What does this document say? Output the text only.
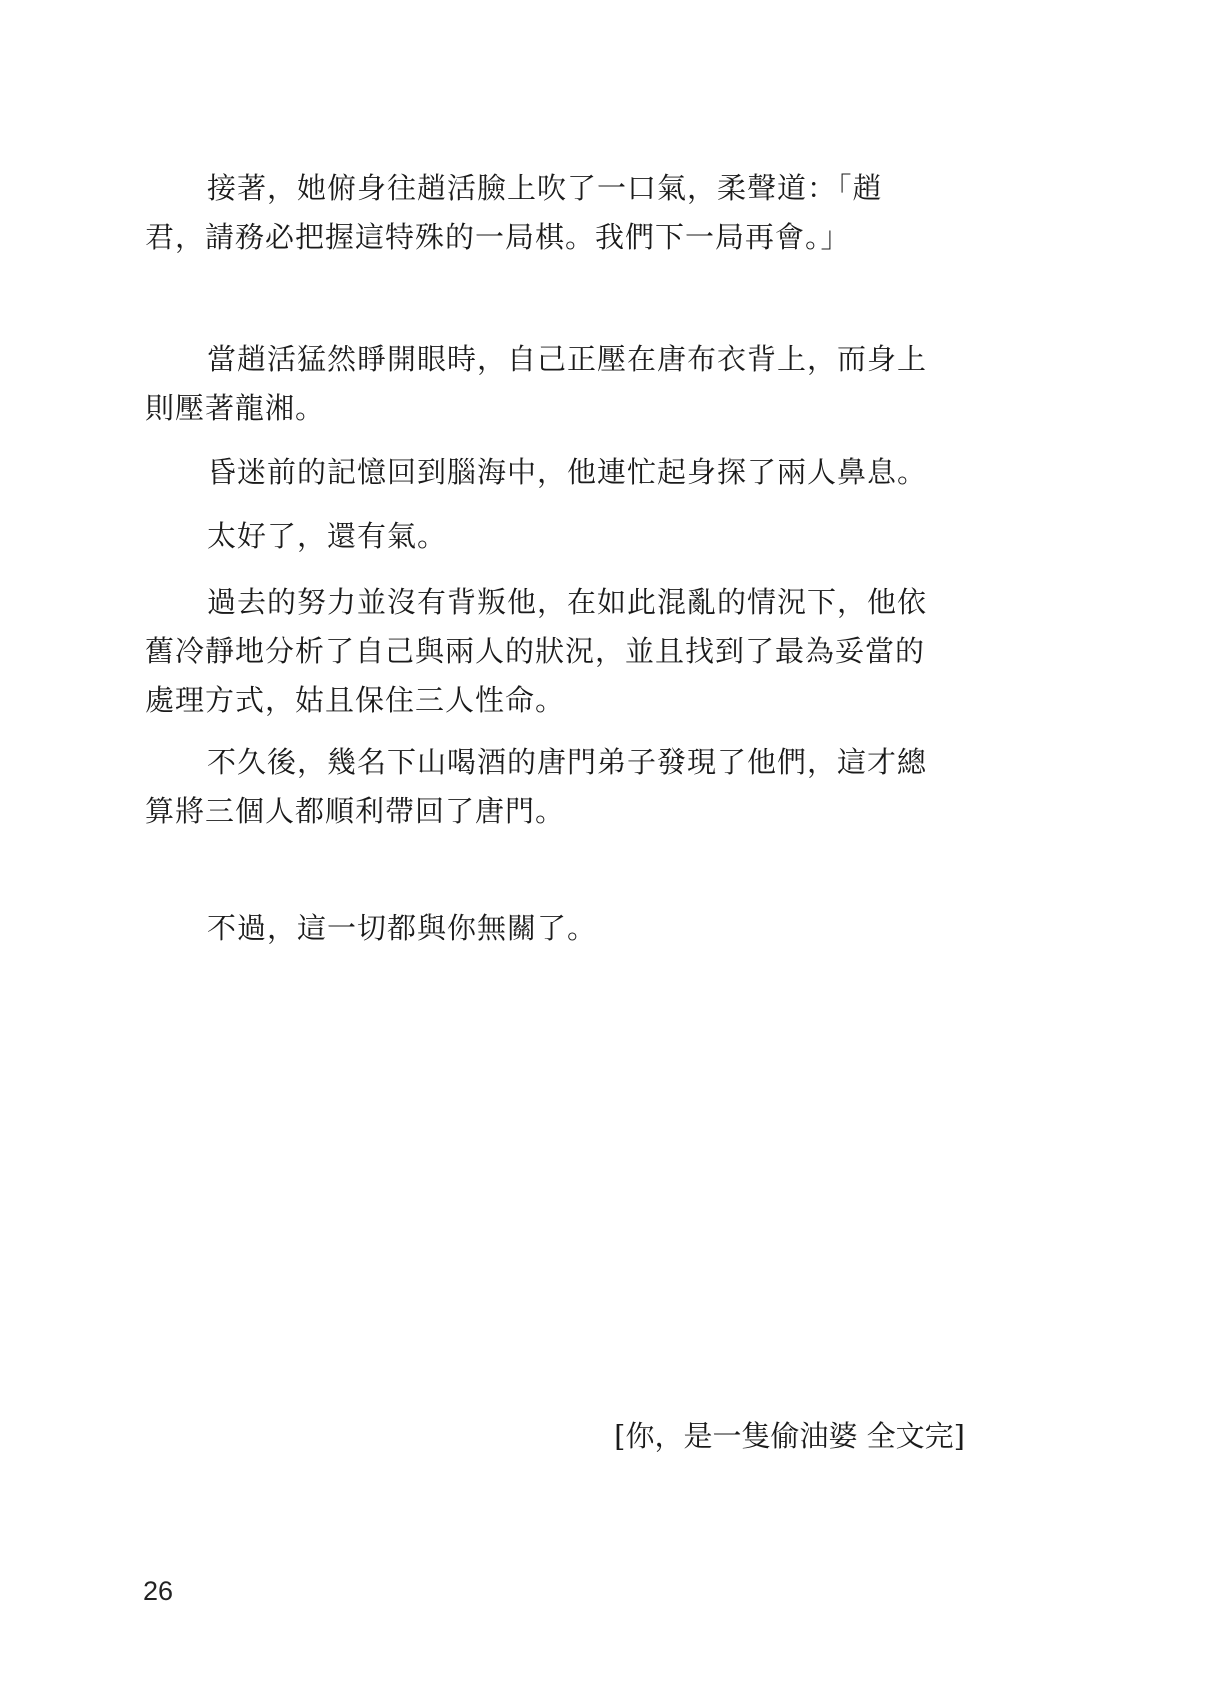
接著，她俯身往趙活臉上吹了一口氣，柔聲道：「趙
君，請務必把握這特殊的一局棋。我們下一局再會。」

當趙活猛然睜開眼時，自己正壓在唐布衣背上，而身上
則壓著龍湘。

昏迷前的記憶回到腦海中，他連忙起身探了兩人鼻息。

太好了，還有氣。

過去的努力並沒有背叛他，在如此混亂的情況下，他依
舊冷靜地分析了自己與兩人的狀況，並且找到了最為妥當的
處理方式，姑且保住三人性命。

不久後，幾名下山喝酒的唐門弟子發現了他們，這才總
算將三個人都順利帶回了唐門。

不過，這一切都與你無關了。

[你，是一隻偷油婆 全文完]
26
